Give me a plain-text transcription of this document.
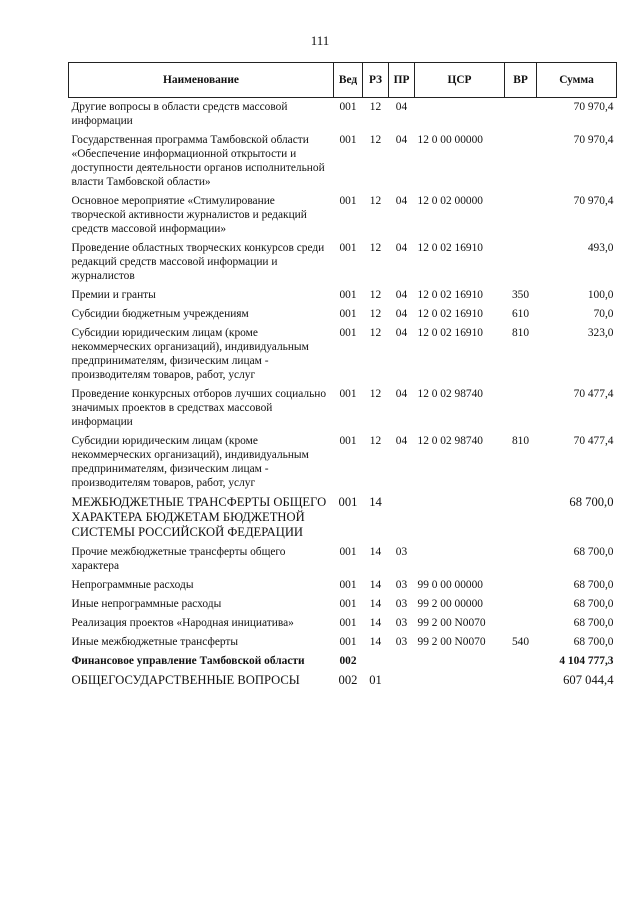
111
Наименование	Вед	РЗ	ПР	ЦСР	ВР	Сумма
Другие вопросы в области средств массовой информации	001	12	04			70 970,4
Государственная программа Тамбовской области «Обеспечение информационной открытости и доступности деятельности органов исполнительной власти Тамбовской области»	001	12	04	12 0 00 00000		70 970,4
Основное мероприятие «Стимулирование творческой активности журналистов и редакций средств массовой информации»	001	12	04	12 0 02 00000		70 970,4
Проведение областных творческих конкурсов среди редакций средств массовой информации и журналистов	001	12	04	12 0 02 16910		493,0
Премии и гранты	001	12	04	12 0 02 16910	350	100,0
Субсидии бюджетным учреждениям	001	12	04	12 0 02 16910	610	70,0
Субсидии юридическим лицам (кроме некоммерческих организаций), индивидуальным предпринимателям, физическим лицам - производителям товаров, работ, услуг	001	12	04	12 0 02 16910	810	323,0
Проведение конкурсных отборов лучших социально значимых проектов в средствах массовой информации	001	12	04	12 0 02 98740		70 477,4
Субсидии юридическим лицам (кроме некоммерческих организаций), индивидуальным предпринимателям, физическим лицам - производителям товаров, работ, услуг	001	12	04	12 0 02 98740	810	70 477,4
МЕЖБЮДЖЕТНЫЕ ТРАНСФЕРТЫ ОБЩЕГО ХАРАКТЕРА БЮДЖЕТАМ БЮДЖЕТНОЙ СИСТЕМЫ РОССИЙСКОЙ ФЕДЕРАЦИИ	001	14				68 700,0
Прочие межбюджетные трансферты общего характера	001	14	03			68 700,0
Непрограммные расходы	001	14	03	99 0 00 00000		68 700,0
Иные непрограммные расходы	001	14	03	99 2 00 00000		68 700,0
Реализация проектов «Народная инициатива»	001	14	03	99 2 00 N0070		68 700,0
Иные межбюджетные трансферты	001	14	03	99 2 00 N0070	540	68 700,0
Финансовое управление Тамбовской области	002					4 104 777,3
ОБЩЕГОСУДАРСТВЕННЫЕ ВОПРОСЫ	002	01				607 044,4
